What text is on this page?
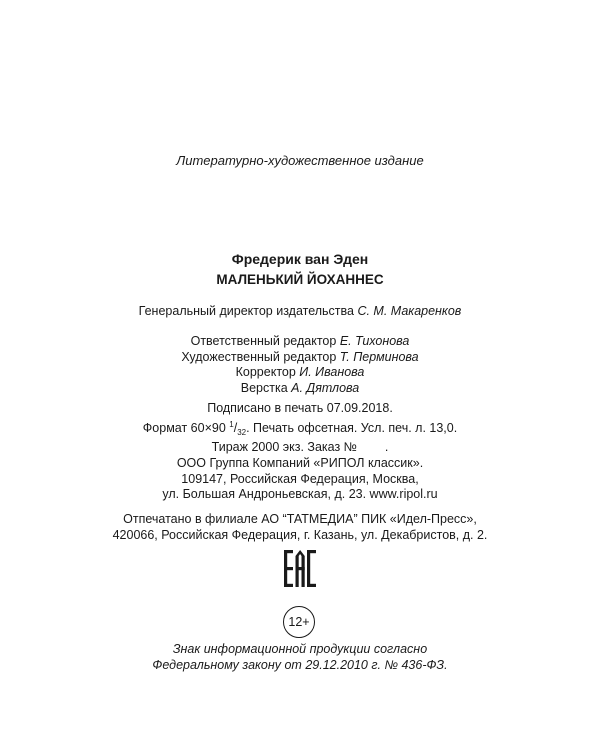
Литературно-художественное издание
Фредерик ван Эден
МАЛЕНЬКИЙ ЙОХАННЕС
Генеральный директор издательства С. М. Макаренков
Ответственный редактор Е. Тихонова
Художественный редактор Т. Перминова
Корректор И. Иванова
Верстка А. Дятлова
Подписано в печать 07.09.2018.
Формат 60×90 $^1/_{32}$. Печать офсетная. Усл. печ. л. 13,0.
Тираж 2000 экз. Заказ №        .
ООО Группа Компаний «РИПОЛ классик».
109147, Российская Федерация, Москва,
ул. Большая Андроньевская, д. 23. www.ripol.ru
Отпечатано в филиале АО “ТАТМЕДИА” ПИК «Идел-Пресс»,
420066, Российская Федерация, г. Казань, ул. Декабристов, д. 2.
12+
Знак информационной продукции согласно
Федеральному закону от 29.12.2010 г. № 436-ФЗ.
